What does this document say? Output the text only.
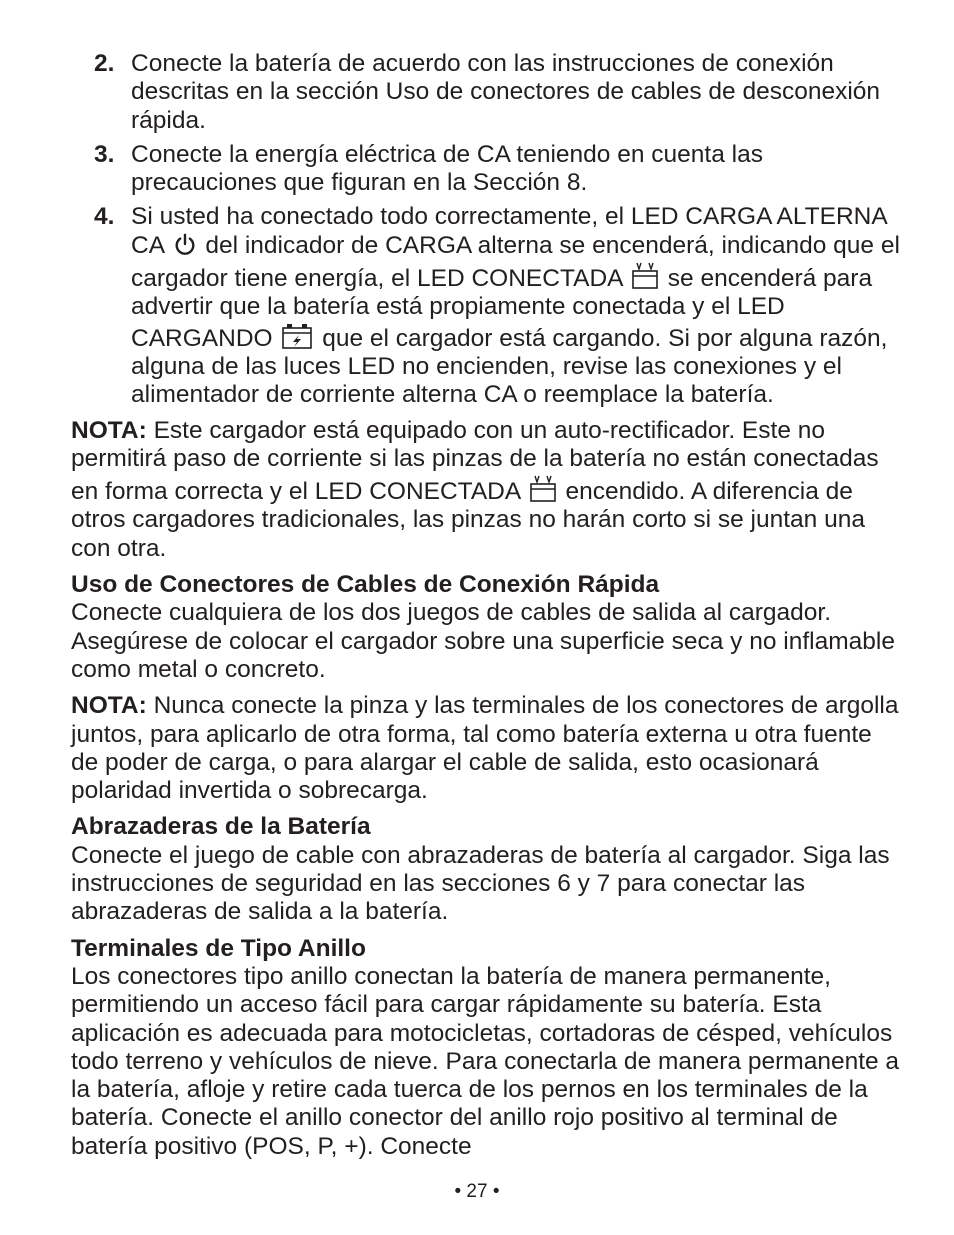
2. Conecte la batería de acuerdo con las instrucciones de conexión descritas en la sección Uso de conectores de cables de desconexión rápida.
3. Conecte la energía eléctrica de CA teniendo en cuenta las precauciones que figuran en la Sección 8.
4. Si usted ha conectado todo correctamente, el LED CARGA ALTERNA CA del indicador de CARGA alterna se encenderá, indicando que el cargador tiene energía, el LED CONECTADA se encenderá para advertir que la batería está propiamente conectada y el LED CARGANDO que el cargador está cargando. Si por alguna razón, alguna de las luces LED no encienden, revise las conexiones y el alimentador de corriente alterna CA o reemplace la batería.

NOTA: Este cargador está equipado con un auto-rectificador. Este no permitirá paso de corriente si las pinzas de la batería no están conectadas en forma correcta y el LED CONECTADA encendido. A diferencia de otros cargadores tradicionales, las pinzas no harán corto si se juntan una con otra.

Uso de Conectores de Cables de Conexión Rápida

Conecte cualquiera de los dos juegos de cables de salida al cargador. Asegúrese de colocar el cargador sobre una superficie seca y no inflamable como metal o concreto.

NOTA: Nunca conecte la pinza y las terminales de los conectores de argolla juntos, para aplicarlo de otra forma, tal como batería externa u otra fuente de poder de carga, o para alargar el cable de salida, esto ocasionará polaridad invertida o sobrecarga.

Abrazaderas de la Batería

Conecte el juego de cable con abrazaderas de batería al cargador. Siga las instrucciones de seguridad en las secciones 6 y 7 para conectar las abrazaderas de salida a la batería.

Terminales de Tipo Anillo

Los conectores tipo anillo conectan la batería de manera permanente, permitiendo un acceso fácil para cargar rápidamente su batería. Esta aplicación es adecuada para motocicletas, cortadoras de césped, vehículos todo terreno y vehículos de nieve. Para conectarla de manera permanente a la batería, afloje y retire cada tuerca de los pernos en los terminales de la batería. Conecte el anillo conector del anillo rojo positivo al terminal de batería positivo (POS, P, +). Conecte

• 27 •
